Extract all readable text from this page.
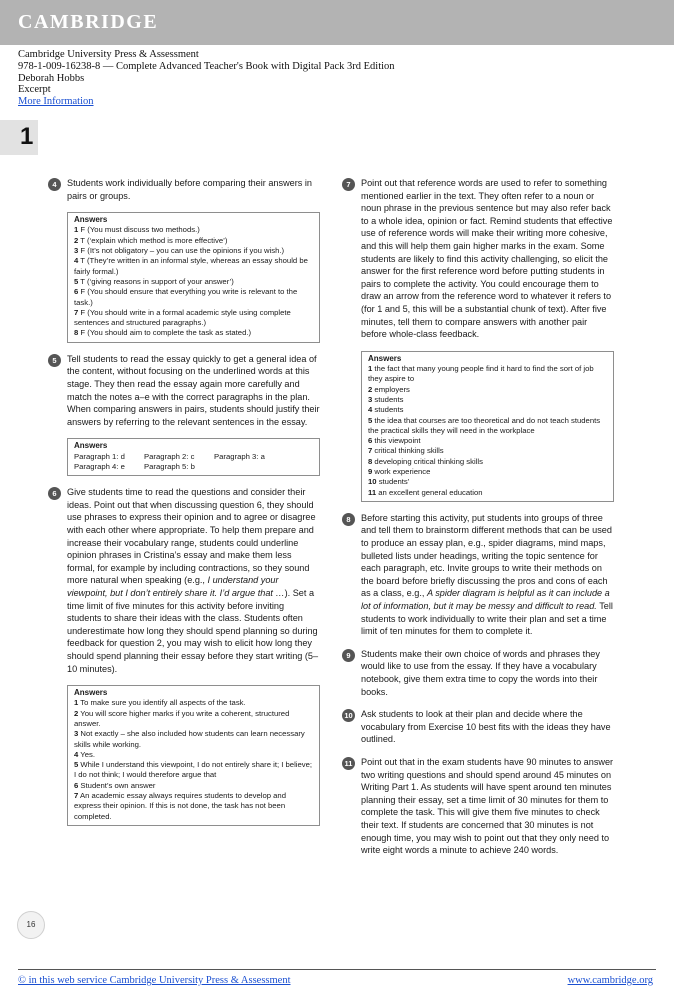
CAMBRIDGE
Cambridge University Press & Assessment
978-1-009-16238-8 — Complete Advanced Teacher's Book with Digital Pack 3rd Edition
Deborah Hobbs
Excerpt
More Information
1
4	Students work individually before comparing their answers in pairs or groups.
Answers
1 F (You must discuss two methods.)
2 T (‘explain which method is more effective’)
3 F (It’s not obligatory – you can use the opinions if you wish.)
4 T (They’re written in an informal style, whereas an essay should be fairly formal.)
5 T (‘giving reasons in support of your answer’)
6 F (You should ensure that everything you write is relevant to the task.)
7 F (You should write in a formal academic style using complete sentences and structured paragraphs.)
8 F (You should aim to complete the task as stated.)
5	Tell students to read the essay quickly to get a general idea of the content, without focusing on the underlined words at this stage. They then read the essay again more carefully and match the notes a–e with the correct paragraphs in the plan. When comparing answers in pairs, students should justify their answers by referring to the relevant sentences in the essay.
Answers
Paragraph 1: d	Paragraph 2: c	Paragraph 3: a
Paragraph 4: e	Paragraph 5: b
6	Give students time to read the questions and consider their ideas. Point out that when discussing question 6, they should use phrases to express their opinion and to agree or disagree with each other where appropriate. To help them prepare and increase their vocabulary range, students could underline opinion phrases in Cristina’s essay and make them less formal, for example by including contractions, so they sound more natural when speaking (e.g., I understand your viewpoint, but I don’t entirely share it. I’d argue that …). Set a time limit of five minutes for this activity before inviting students to share their ideas with the class. Students often underestimate how long they should spend planning so during feedback for question 2, you may wish to elicit how long they should spend planning their essay before they start writing (5–10 minutes).
Answers
1 To make sure you identify all aspects of the task.
2 You will score higher marks if you write a coherent, structured answer.
3 Not exactly – she also included how students can learn necessary skills while working.
4 Yes.
5 While I understand this viewpoint, I do not entirely share it; I believe; I do not think; I would therefore argue that
6 Student’s own answer
7 An academic essay always requires students to develop and express their opinion. If this is not done, the task has not been completed.
7	Point out that reference words are used to refer to something mentioned earlier in the text. They often refer to a noun or noun phrase in the previous sentence but may also refer back to a whole idea, opinion or fact. Remind students that effective use of reference words will make their writing more cohesive, and this will help them gain higher marks in the exam. Some students are likely to find this activity challenging, so elicit the answer for the first reference word before putting students in pairs to complete the activity. You could encourage them to draw an arrow from the reference word to whatever it refers to (for 1 and 5, this will be a substantial chunk of text). After five minutes, tell them to compare answers with another pair before whole-class feedback.
Answers
1 the fact that many young people find it hard to find the sort of job they aspire to
2 employers
3 students
4 students
5 the idea that courses are too theoretical and do not teach students the practical skills they will need in the workplace
6 this viewpoint
7 critical thinking skills
8 developing critical thinking skills
9 work experience
10 students’
11 an excellent general education
8	Before starting this activity, put students into groups of three and tell them to brainstorm different methods that can be used to produce an essay plan, e.g., spider diagrams, mind maps, bulleted lists under headings, writing the topic sentence for each paragraph, etc. Invite groups to write their methods on the board before briefly discussing the pros and cons of each as a class, e.g., A spider diagram is helpful as it can include a lot of information, but it may be messy and difficult to read. Tell students to work individually to write their plan and set a time limit of ten minutes for them to complete it.
9	Students make their own choice of words and phrases they would like to use from the essay. If they have a vocabulary notebook, give them extra time to copy the words into their books.
10 Ask students to look at their plan and decide where the vocabulary from Exercise 10 best fits with the ideas they have outlined.
11 Point out that in the exam students have 90 minutes to answer two writing questions and should spend around 45 minutes on Writing Part 1. As students will have spent around ten minutes planning their essay, set a time limit of 30 minutes for them to complete the task. This will give them five minutes to check their text. If students are concerned that 30 minutes is not enough time, you may wish to point out that they only need to write eight words a minute to achieve 240 words.
16
© in this web service Cambridge University Press & Assessment	www.cambridge.org
